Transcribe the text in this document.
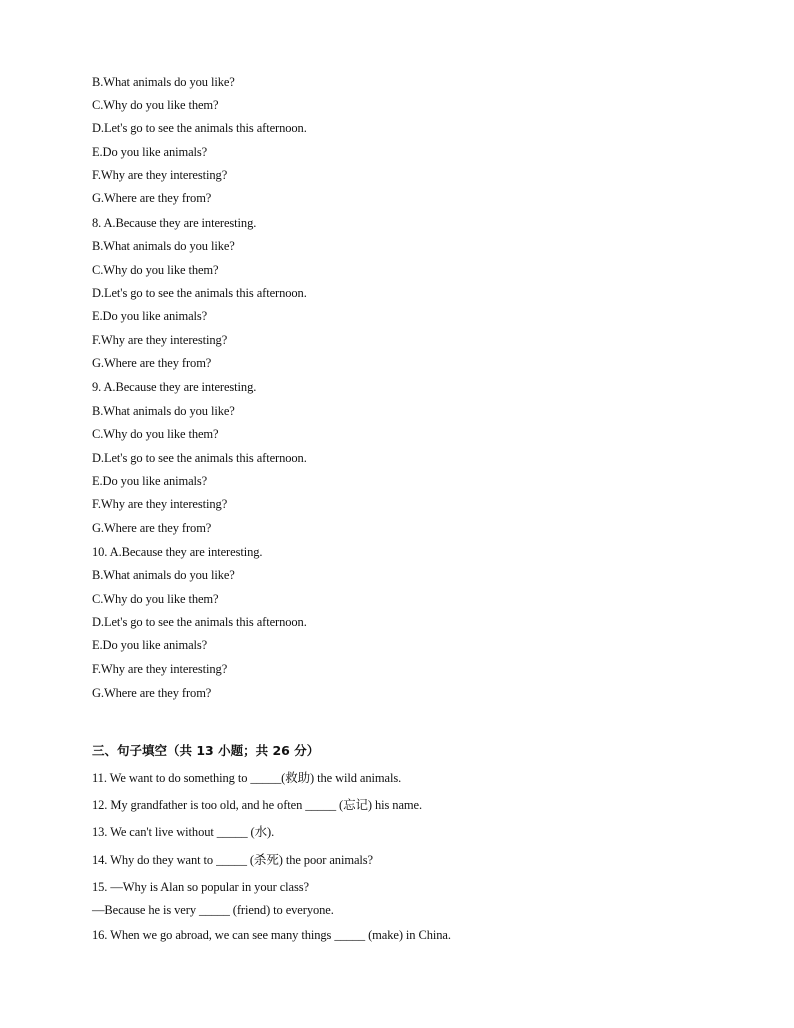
B.What animals do you like?
C.Why do you like them?
D.Let's go to see the animals this afternoon.
E.Do you like animals?
F.Why are they interesting?
G.Where are they from?
8. A.Because they are interesting.
B.What animals do you like?
C.Why do you like them?
D.Let's go to see the animals this afternoon.
E.Do you like animals?
F.Why are they interesting?
G.Where are they from?
9. A.Because they are interesting.
B.What animals do you like?
C.Why do you like them?
D.Let's go to see the animals this afternoon.
E.Do you like animals?
F.Why are they interesting?
G.Where are they from?
10. A.Because they are interesting.
B.What animals do you like?
C.Why do you like them?
D.Let's go to see the animals this afternoon.
E.Do you like animals?
F.Why are they interesting?
G.Where are they from?
三、句子填空（共 13 小题；共 26 分）
11. We want to do something to _____(救助) the wild animals.
12. My grandfather is too old, and he often _____ (忘记) his name.
13. We can't live without _____ (水).
14. Why do they want to _____ (杀死) the poor animals?
15. —Why is Alan so popular in your class?
—Because he is very _____ (friend) to everyone.
16. When we go abroad, we can see many things _____ (make) in China.
